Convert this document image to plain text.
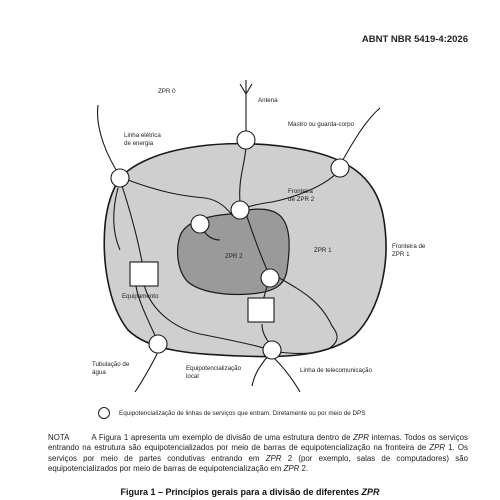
ABNT NBR 5419-4:2026
ZPR 0
Antena
Mastro ou guarda-corpo
Linha elétrica
de energia
Fronteira
de ZPR 2
ZPR 2
ZPR 1
Fronteira de
ZPR 1
Equipamento
Tubulação de
água
Equipotencialização
local
Linha de telecomunicação
Equipotencialização de linhas de serviços que entram. Diretamente ou por meio de DPS
NOTA	A Figura 1 apresenta um exemplo de divisão de uma estrutura dentro de ZPR internas. Todos os serviços entrando na estrutura são equipotencializados por meio de barras de equipotencialização na fronteira de ZPR 1. Os serviços por meio de partes condutivas entrando em ZPR 2 (por exemplo, salas de computadores) são equipotencializados por meio de barras de equipotencialização em ZPR 2.
Figura 1 – Princípios gerais para a divisão de diferentes ZPR
